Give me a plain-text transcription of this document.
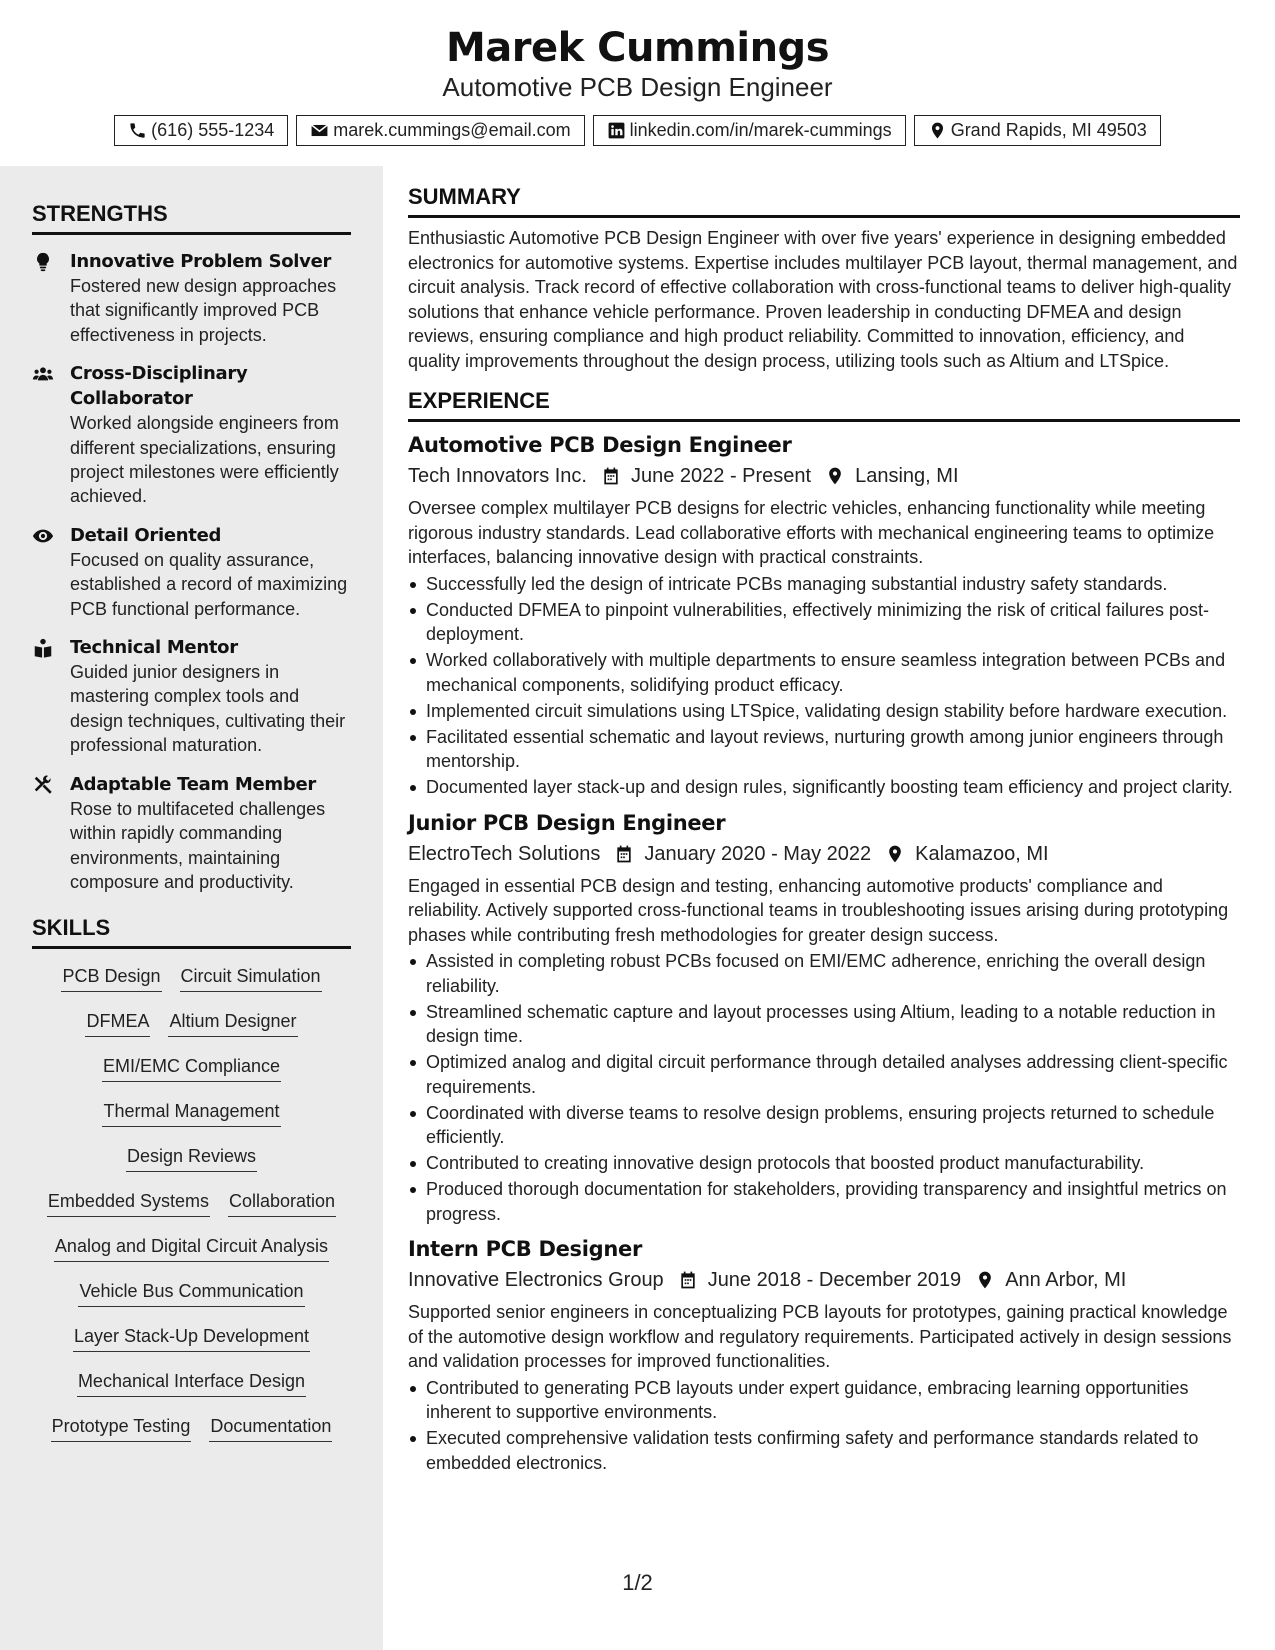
Marek Cummings
Automotive PCB Design Engineer
(616) 555-1234	marek.cummings@email.com	linkedin.com/in/marek-cummings	Grand Rapids, MI 49503
STRENGTHS
Innovative Problem Solver
Fostered new design approaches that significantly improved PCB effectiveness in projects.
Cross-Disciplinary Collaborator
Worked alongside engineers from different specializations, ensuring project milestones were efficiently achieved.
Detail Oriented
Focused on quality assurance, established a record of maximizing PCB functional performance.
Technical Mentor
Guided junior designers in mastering complex tools and design techniques, cultivating their professional maturation.
Adaptable Team Member
Rose to multifaceted challenges within rapidly commanding environments, maintaining composure and productivity.
SKILLS
PCB Design Circuit Simulation
DFMEA Altium Designer
EMI/EMC Compliance
Thermal Management
Design Reviews
Embedded Systems Collaboration
Analog and Digital Circuit Analysis
Vehicle Bus Communication
Layer Stack-Up Development
Mechanical Interface Design
Prototype Testing Documentation
SUMMARY
Enthusiastic Automotive PCB Design Engineer with over five years' experience in designing embedded electronics for automotive systems. Expertise includes multilayer PCB layout, thermal management, and circuit analysis. Track record of effective collaboration with cross-functional teams to deliver high-quality solutions that enhance vehicle performance. Proven leadership in conducting DFMEA and design reviews, ensuring compliance and high product reliability. Committed to innovation, efficiency, and quality improvements throughout the design process, utilizing tools such as Altium and LTSpice.
EXPERIENCE
Automotive PCB Design Engineer
Tech Innovators Inc. June 2022 - Present Lansing, MI
Oversee complex multilayer PCB designs for electric vehicles, enhancing functionality while meeting rigorous industry standards. Lead collaborative efforts with mechanical engineering teams to optimize interfaces, balancing innovative design with practical constraints.
Successfully led the design of intricate PCBs managing substantial industry safety standards.
Conducted DFMEA to pinpoint vulnerabilities, effectively minimizing the risk of critical failures post-deployment.
Worked collaboratively with multiple departments to ensure seamless integration between PCBs and mechanical components, solidifying product efficacy.
Implemented circuit simulations using LTSpice, validating design stability before hardware execution.
Facilitated essential schematic and layout reviews, nurturing growth among junior engineers through mentorship.
Documented layer stack-up and design rules, significantly boosting team efficiency and project clarity.
Junior PCB Design Engineer
ElectroTech Solutions January 2020 - May 2022 Kalamazoo, MI
Engaged in essential PCB design and testing, enhancing automotive products' compliance and reliability. Actively supported cross-functional teams in troubleshooting issues arising during prototyping phases while contributing fresh methodologies for greater design success.
Assisted in completing robust PCBs focused on EMI/EMC adherence, enriching the overall design reliability.
Streamlined schematic capture and layout processes using Altium, leading to a notable reduction in design time.
Optimized analog and digital circuit performance through detailed analyses addressing client-specific requirements.
Coordinated with diverse teams to resolve design problems, ensuring projects returned to schedule efficiently.
Contributed to creating innovative design protocols that boosted product manufacturability.
Produced thorough documentation for stakeholders, providing transparency and insightful metrics on progress.
Intern PCB Designer
Innovative Electronics Group June 2018 - December 2019 Ann Arbor, MI
Supported senior engineers in conceptualizing PCB layouts for prototypes, gaining practical knowledge of the automotive design workflow and regulatory requirements. Participated actively in design sessions and validation processes for improved functionalities.
Contributed to generating PCB layouts under expert guidance, embracing learning opportunities inherent to supportive environments.
Executed comprehensive validation tests confirming safety and performance standards related to embedded electronics.
1/2
